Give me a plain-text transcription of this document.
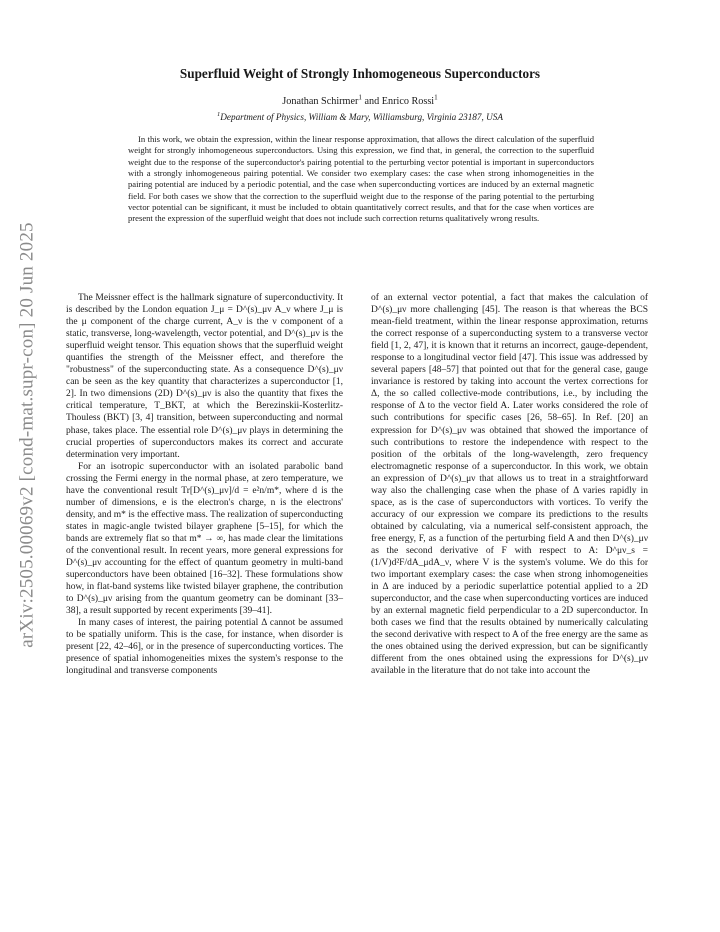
arXiv:2505.00069v2 [cond-mat.supr-con] 20 Jun 2025
Superfluid Weight of Strongly Inhomogeneous Superconductors
Jonathan Schirmer$^1$ and Enrico Rossi$^1$
$^1$Department of Physics, William & Mary, Williamsburg, Virginia 23187, USA

In this work, we obtain the expression, within the linear response approximation, that allows the direct calculation of the superfluid weight for strongly inhomogeneous superconductors. Using this expression, we find that, in general, the correction to the superfluid weight due to the response of the superconductor's pairing potential to the perturbing vector potential is important in superconductors with a strongly inhomogeneous pairing potential. We consider two exemplary cases: the case when strong inhomogeneities in the pairing potential are induced by a periodic potential, and the case when superconducting vortices are induced by an external magnetic field. For both cases we show that the correction to the superfluid weight due to the response of the paring potential to the perturbing vector potential can be significant, it must be included to obtain quantitatively correct results, and that for the case when vortices are present the expression of the superfluid weight that does not include such correction returns qualitatively wrong results.

The Meissner effect is the hallmark signature of superconductivity. It is described by the London equation J_μ = D^(s)_μν A_ν where J_μ is the μ component of the charge current, A_ν is the ν component of a static, transverse, long-wavelength, vector potential, and D^(s)_μν is the superfluid weight tensor. This equation shows that the superfluid weight quantifies the strength of the Meissner effect, and therefore the "robustness" of the superconducting state. As a consequence D^(s)_μν can be seen as the key quantity that characterizes a superconductor [1, 2]. In two dimensions (2D) D^(s)_μν is also the quantity that fixes the critical temperature, T_BKT, at which the Berezinskii-Kosterlitz-Thouless (BKT) [3, 4] transition, between superconducting and normal phase, takes place. The essential role D^(s)_μν plays in determining the crucial properties of superconductors makes its correct and accurate determination very important.

For an isotropic superconductor with an isolated parabolic band crossing the Fermi energy in the normal phase, at zero temperature, we have the conventional result Tr[D^(s)_μν]/d = e²n/m*, where d is the number of dimensions, e is the electron's charge, n is the electrons' density, and m* is the effective mass. The realization of superconducting states in magic-angle twisted bilayer graphene [5–15], for which the bands are extremely flat so that m* → ∞, has made clear the limitations of the conventional result. In recent years, more general expressions for D^(s)_μν accounting for the effect of quantum geometry in multi-band superconductors have been obtained [16–32]. These formulations show how, in flat-band systems like twisted bilayer graphene, the contribution to D^(s)_μν arising from the quantum geometry can be dominant [33–38], a result supported by recent experiments [39–41].

In many cases of interest, the pairing potential Δ cannot be assumed to be spatially uniform. This is the case, for instance, when disorder is present [22, 42–46], or in the presence of superconducting vortices. The presence of spatial inhomogeneities mixes the system's response to the longitudinal and transverse components

of an external vector potential, a fact that makes the calculation of D^(s)_μν more challenging [45]. The reason is that whereas the BCS mean-field treatment, within the linear response approximation, returns the correct response of a superconducting system to a transverse vector field [1, 2, 47], it is known that it returns an incorrect, gauge-dependent, response to a longitudinal vector field [47]. This issue was addressed by several papers [48–57] that pointed out that for the general case, gauge invariance is restored by taking into account the vertex corrections for Δ, the so called collective-mode contributions, i.e., by including the response of Δ to the vector field A. Later works considered the role of such contributions for specific cases [26, 58–65]. In Ref. [20] an expression for D^(s)_μν was obtained that showed the importance of such contributions to restore the independence with respect to the position of the orbitals of the long-wavelength, zero frequency electromagnetic response of a superconductor. In this work, we obtain an expression of D^(s)_μν that allows us to treat in a straightforward way also the challenging case when the phase of Δ varies rapidly in space, as is the case of superconductors with vortices. To verify the accuracy of our expression we compare its predictions to the results obtained by calculating, via a numerical self-consistent approach, the free energy, F, as a function of the perturbing field A and then D^(s)_μν as the second derivative of F with respect to A: D^μν_s = (1/V)d²F/dA_μdA_ν, where V is the system's volume. We do this for two important exemplary cases: the case when strong inhomogeneities in Δ are induced by a periodic superlattice potential applied to a 2D superconductor, and the case when superconducting vortices are induced by an external magnetic field perpendicular to a 2D superconductor. In both cases we find that the results obtained by numerically calculating the second derivative with respect to A of the free energy are the same as the ones obtained using the derived expression, but can be significantly different from the ones obtained using the expressions for D^(s)_μν available in the literature that do not take into account the
